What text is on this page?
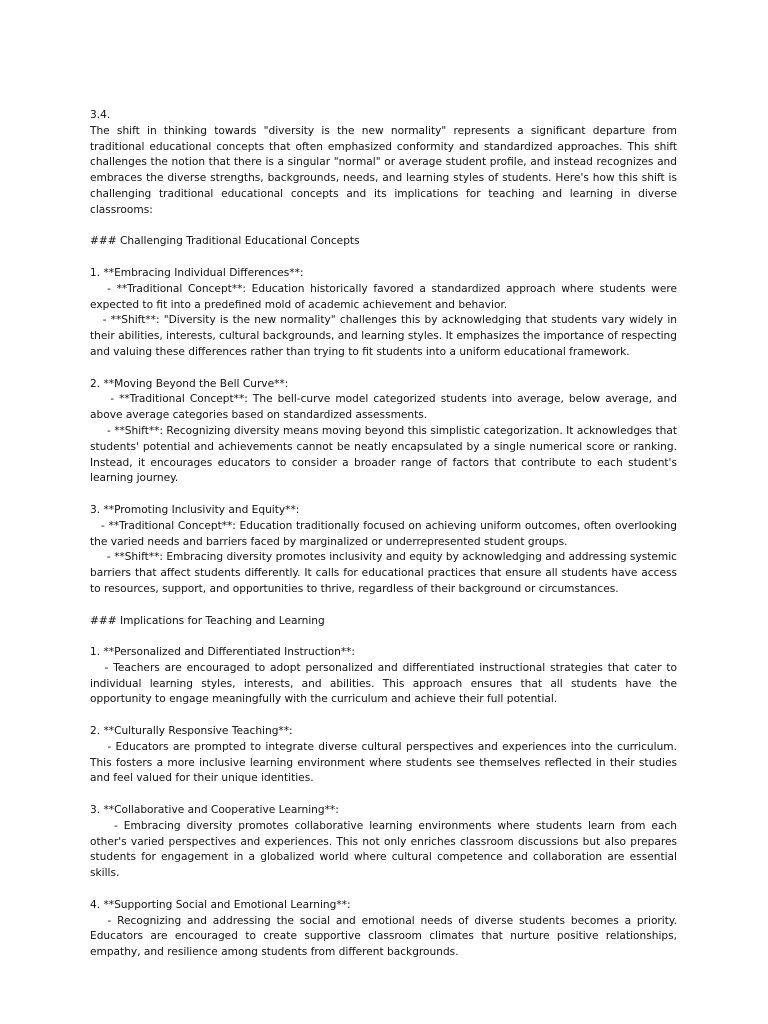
3.4.

The shift in thinking towards "diversity is the new normality" represents a significant departure from traditional educational concepts that often emphasized conformity and standardized approaches. This shift challenges the notion that there is a singular "normal" or average student profile, and instead recognizes and embraces the diverse strengths, backgrounds, needs, and learning styles of students. Here's how this shift is challenging traditional educational concepts and its implications for teaching and learning in diverse classrooms:

### Challenging Traditional Educational Concepts

1. **Embracing Individual Differences**:

- **Traditional Concept**: Education historically favored a standardized approach where students were expected to fit into a predefined mold of academic achievement and behavior.

- **Shift**: "Diversity is the new normality" challenges this by acknowledging that students vary widely in their abilities, interests, cultural backgrounds, and learning styles. It emphasizes the importance of respecting and valuing these differences rather than trying to fit students into a uniform educational framework.

2. **Moving Beyond the Bell Curve**:

- **Traditional Concept**: The bell-curve model categorized students into average, below average, and above average categories based on standardized assessments.

- **Shift**: Recognizing diversity means moving beyond this simplistic categorization. It acknowledges that students' potential and achievements cannot be neatly encapsulated by a single numerical score or ranking. Instead, it encourages educators to consider a broader range of factors that contribute to each student's learning journey.

3. **Promoting Inclusivity and Equity**:

- **Traditional Concept**: Education traditionally focused on achieving uniform outcomes, often overlooking the varied needs and barriers faced by marginalized or underrepresented student groups.

- **Shift**: Embracing diversity promotes inclusivity and equity by acknowledging and addressing systemic barriers that affect students differently. It calls for educational practices that ensure all students have access to resources, support, and opportunities to thrive, regardless of their background or circumstances.

### Implications for Teaching and Learning

1. **Personalized and Differentiated Instruction**:

- Teachers are encouraged to adopt personalized and differentiated instructional strategies that cater to individual learning styles, interests, and abilities. This approach ensures that all students have the opportunity to engage meaningfully with the curriculum and achieve their full potential.

2. **Culturally Responsive Teaching**:

- Educators are prompted to integrate diverse cultural perspectives and experiences into the curriculum. This fosters a more inclusive learning environment where students see themselves reflected in their studies and feel valued for their unique identities.

3. **Collaborative and Cooperative Learning**:

- Embracing diversity promotes collaborative learning environments where students learn from each other's varied perspectives and experiences. This not only enriches classroom discussions but also prepares students for engagement in a globalized world where cultural competence and collaboration are essential skills.

4. **Supporting Social and Emotional Learning**:

- Recognizing and addressing the social and emotional needs of diverse students becomes a priority. Educators are encouraged to create supportive classroom climates that nurture positive relationships, empathy, and resilience among students from different backgrounds.
